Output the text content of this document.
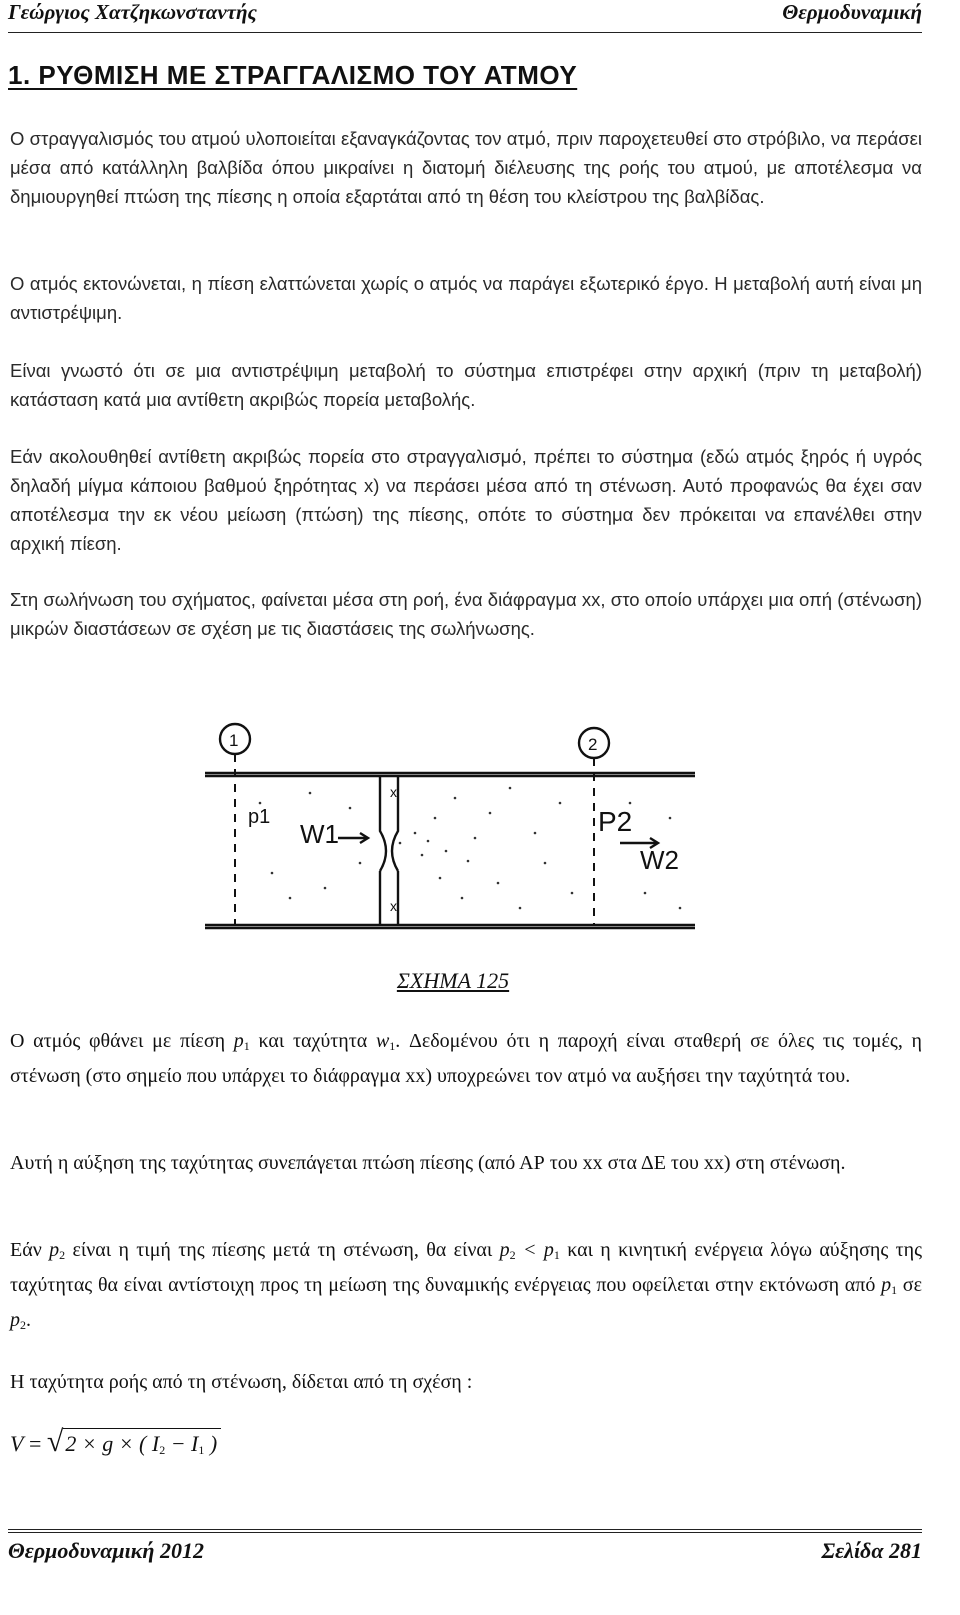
Γεώργιος Χατζηκωνσταντής	Θερμοδυναμική
1. ΡΥΘΜΙΣΗ ΜΕ ΣΤΡΑΓΓΑΛΙΣΜΟ ΤΟΥ ΑΤΜΟΥ
Ο στραγγαλισμός του ατμού υλοποιείται εξαναγκάζοντας τον ατμό, πριν παροχετευθεί στο στρόβιλο, να περάσει μέσα από κατάλληλη βαλβίδα όπου μικραίνει η διατομή διέλευσης της ροής του ατμού, με αποτέλεσμα να δημιουργηθεί πτώση της πίεσης η οποία εξαρτάται από τη θέση του κλείστρου της βαλβίδας.
Ο ατμός εκτονώνεται, η πίεση ελαττώνεται χωρίς ο ατμός να παράγει εξωτερικό έργο. Η μεταβολή αυτή είναι μη αντιστρέψιμη.
Είναι γνωστό ότι σε μια αντιστρέψιμη μεταβολή το σύστημα επιστρέφει στην αρχική (πριν τη μεταβολή) κατάσταση κατά μια αντίθετη ακριβώς πορεία μεταβολής.
Εάν ακολουθηθεί αντίθετη ακριβώς πορεία στο στραγγαλισμό, πρέπει το σύστημα (εδώ ατμός ξηρός ή υγρός δηλαδή μίγμα κάποιου βαθμού ξηρότητας x) να περάσει μέσα από τη στένωση. Αυτό προφανώς θα έχει σαν αποτέλεσμα την εκ νέου μείωση (πτώση) της πίεσης, οπότε το σύστημα δεν πρόκειται να επανέλθει στην αρχική πίεση.
Στη σωλήνωση του σχήματος, φαίνεται μέσα στη ροή, ένα διάφραγμα xx, στο οποίο υπάρχει μια οπή (στένωση) μικρών διαστάσεων σε σχέση με τις διαστάσεις της σωλήνωσης.
1	2
p1
W1	P2
W2
x
x
ΣΧΗΜΑ 125
Ο ατμός φθάνει με πίεση $p_1$ και ταχύτητα $w_1$. Δεδομένου ότι η παροχή είναι σταθερή σε όλες τις τομές, η στένωση (στο σημείο που υπάρχει το διάφραγμα xx) υποχρεώνει τον ατμό να αυξήσει την ταχύτητά του.
Αυτή η αύξηση της ταχύτητας συνεπάγεται πτώση πίεσης (από ΑΡ του xx στα ΔΕ του xx) στη στένωση.
Εάν $p_2$ είναι η τιμή της πίεσης μετά τη στένωση, θα είναι $p_2 < p_1$ και η κινητική ενέργεια λόγω αύξησης της ταχύτητας θα είναι αντίστοιχη προς τη μείωση της δυναμικής ενέργειας που οφείλεται στην εκτόνωση από $p_1$ σε $p_2$.
Η ταχύτητα ροής από τη στένωση, δίδεται από τη σχέση :
V = √2 × g × ( $I_2 - I_1$ )
Θερμοδυναμική 2012	Σελίδα 281
